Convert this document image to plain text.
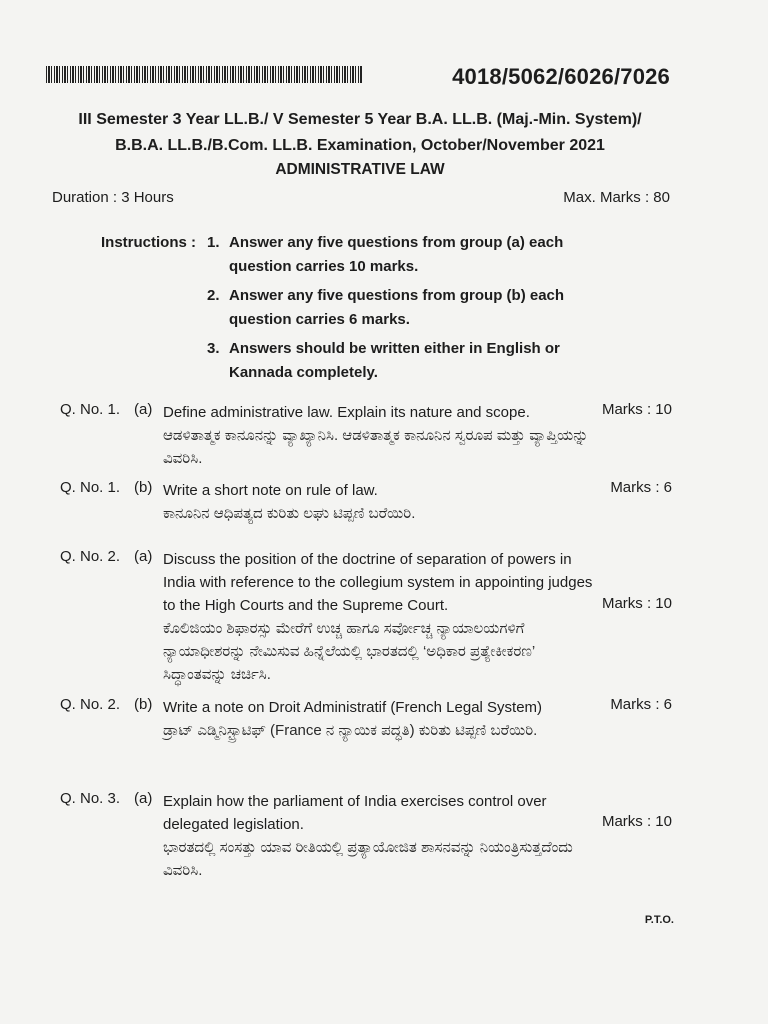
4018/5062/6026/7026
III Semester 3 Year LL.B./ V Semester 5 Year B.A. LL.B. (Maj.-Min. System)/
B.B.A. LL.B./B.Com. LL.B. Examination, October/November 2021
ADMINISTRATIVE LAW
Duration : 3 Hours	Max. Marks : 80
Instructions : 1. Answer any five questions from group (a) each question carries 10 marks.
2. Answer any five questions from group (b) each question carries 6 marks.
3. Answers should be written either in English or Kannada completely.
Q. No. 1. (a) Define administrative law. Explain its nature and scope.
ಆಡಳಿತಾತ್ಮಕ ಕಾನೂನನ್ನು ವ್ಯಾಖ್ಯಾನಿಸಿ. ಆಡಳಿತಾತ್ಮಕ ಕಾನೂನಿನ ಸ್ವರೂಪ ಮತ್ತು ವ್ಯಾಪ್ತಿಯನ್ನು ವಿವರಿಸಿ.
Marks : 10
Q. No. 1. (b) Write a short note on rule of law.
ಕಾನೂನಿನ ಆಧಿಪತ್ಯದ ಕುರಿತು ಲಘು ಟಿಪ್ಪಣಿ ಬರೆಯಿರಿ.
Marks : 6
Q. No. 2. (a) Discuss the position of the doctrine of separation of powers in India with reference to the collegium system in appointing judges to the High Courts and the Supreme Court.
ಕೊಲಿಜಿಯಂ ಶಿಫಾರಸ್ಸು ಮೇರೆಗೆ ಉಚ್ಚ ಹಾಗೂ ಸರ್ವೋಚ್ಚ ನ್ಯಾಯಾಲಯಗಳಿಗೆ ನ್ಯಾಯಾಧೀಶರನ್ನು ನೇಮಿಸುವ ಹಿನ್ನೆಲೆಯಲ್ಲಿ ಭಾರತದಲ್ಲಿ ‘ಅಧಿಕಾರ ಪ್ರತ್ಯೇಕೀಕರಣ’ ಸಿದ್ಧಾಂತವನ್ನು ಚರ್ಚಿಸಿ.
Marks : 10
Q. No. 2. (b) Write a note on Droit Administratif (French Legal System)
ಡ್ರಾಟ್ ಎಡ್ಮಿನಿಸ್ಟ್ರಾಟಿಫ್ (France ನ ನ್ಯಾಯಿಕ ಪದ್ಧತಿ) ಕುರಿತು ಟಿಪ್ಪಣಿ ಬರೆಯಿರಿ.
Marks : 6
Q. No. 3. (a) Explain how the parliament of India exercises control over delegated legislation.
ಭಾರತದಲ್ಲಿ ಸಂಸತ್ತು ಯಾವ ರೀತಿಯಲ್ಲಿ ಪ್ರತ್ಯಾಯೋಜಿತ ಶಾಸನವನ್ನು ನಿಯಂತ್ರಿಸುತ್ತದೆಂದು ವಿವರಿಸಿ.
Marks : 10
P.T.O.
